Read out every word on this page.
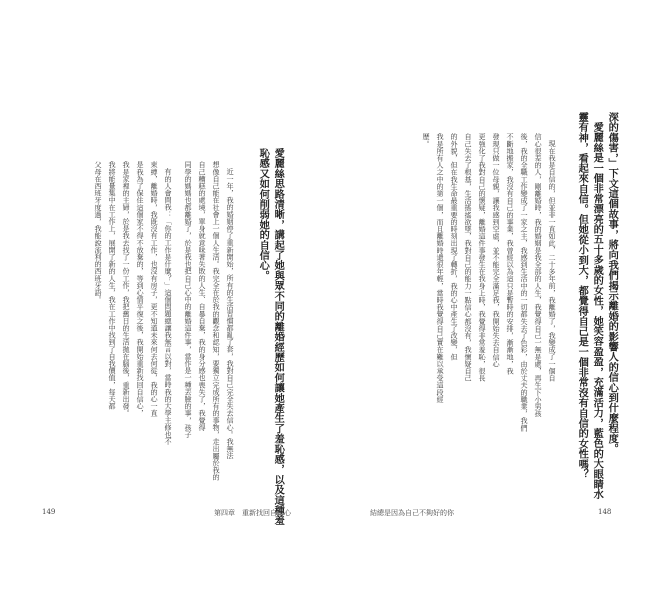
愛麗絲思路清晰，講起了她與眾不同的離婚經歷如何讓她產生了羞恥感，以及這種羞
恥感又如何削弱她的自信心。
近一年，我的婚姻停了重新開始，所有的生活習慣都亂了套，我對自己完全失去信心。我無法
想像自己能在社會上一個人生活。我完全在於我的觀念和認知，要獨立完成所有的事物，走出屬於我的
自己糟糕的處境，單身就意味著失敗的人生、自暴自棄，我的身分感也喪失了，我覺得
同學的媽媽也都離婚了，於是我也把自己心中的離婚這件事，當作是一種丟臉的事，孩子
有的人會問我：「你的工作是什麼？」這個問題總讓我無言以對，當時我的大學主修也不
束縛，離婚時，我既沒有工作，也沒有房子，更不知道未來何去何從，我的心一直
是我為了保住這個家不得不放棄的，等到心情平復之後，我開始重新找回自信心，
我是家裡的主婦，於是我去找了一份工作，我把舊日的生活拋在腦後，重新出發。
我將能量集中在工作上，展開了新的人生，我在工作中找到了自我價值，每天都
父母在西班牙度過，我能說流利的西班牙語。
149	第四章　重新找回自信心
深的傷害，」下文這個故事，將向我們揭示離婚的影響人的信心到什麼程度。
愛麗絲是一個非常漂亮的五十多歲的女性，她笑容盈盈，充滿活力，藍色的大眼睛水
靈有神，看起來自信。但她從小到大，都覺得自己是一個非常沒有自信的女性嗎？
現在我是自信的，但並非一直如此，二十多年前，我離婚了，我變成了一個自
信心很差的人，剛離婚時，我的婚姻是我全部的人生，我覺得自己一無是處，再生下小男孩
後，我的全職工作變成了一家之主，我感到生活中的一切都失去了色彩，由於丈夫的職業，我們
不斷地搬家，我沒有自己的事業，我曾經以為這只是暫時的安排，漸漸地，我
發現只做一位母親，讓我感到空虛，並不能完全滿足我，我開始失去自信心
更強化了我對自己的懷疑，離婚這件事發生在我身上時，我覺得非常羞恥，很長
自己失去了根基，生活搖搖欲墜，我對自己的能力一點信心都沒有，我懷疑自己
的外貌，但在我生命最重要的時刻出現了轉折，我的心中產生了改變，但
我是所有人之中的第一個，而且離婚時還很年輕，當時我覺得自己實在難以承受這段經
歷。
結總是因為自己不夠好的你	148
